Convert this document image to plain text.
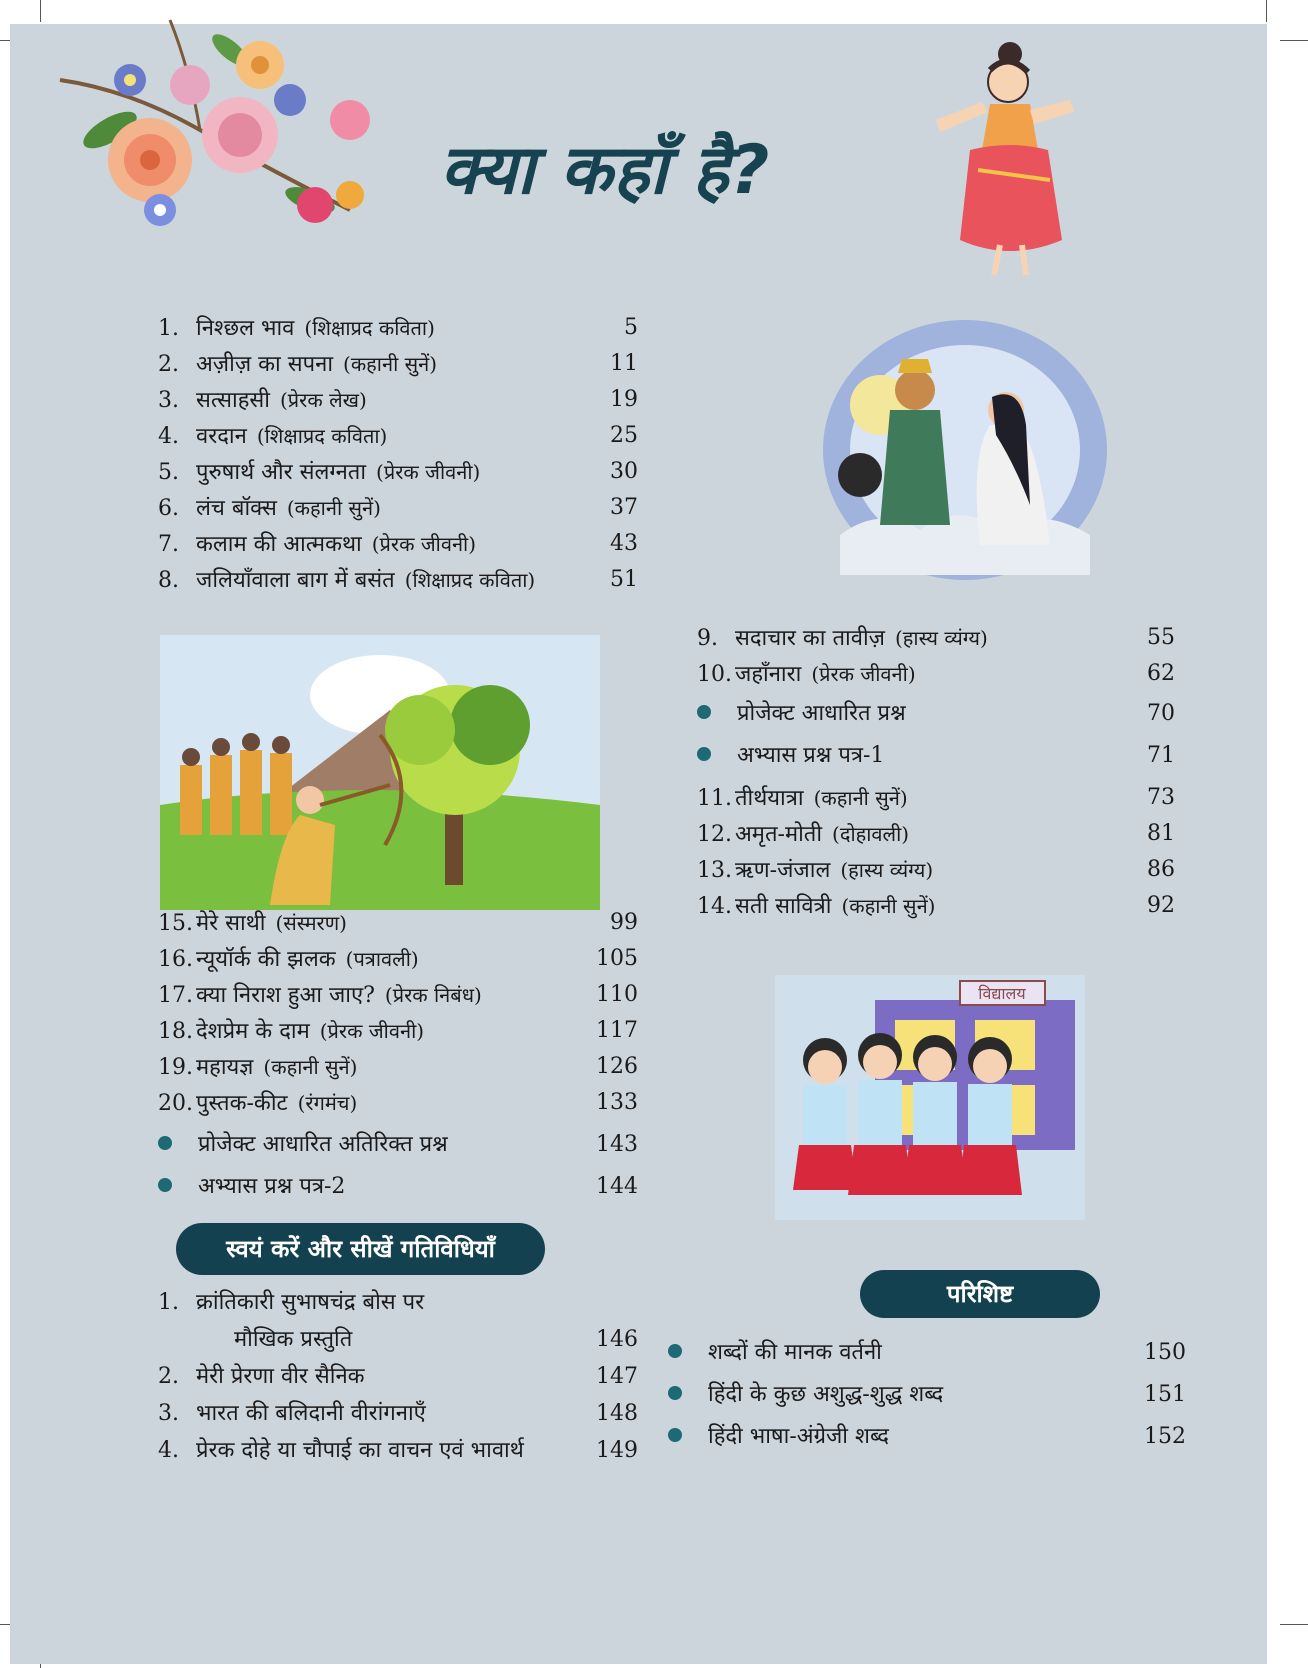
क्या कहाँ है?
1. निश्छल भाव (शिक्षाप्रद कविता)	5
2. अज़ीज़ का सपना (कहानी सुनें)	11
3. सत्साहसी (प्रेरक लेख)	19
4. वरदान (शिक्षाप्रद कविता)	25
5. पुरुषार्थ और संलग्नता (प्रेरक जीवनी)	30
6. लंच बॉक्स (कहानी सुनें)	37
7. कलाम की आत्मकथा (प्रेरक जीवनी)	43
8. जलियाँवाला बाग में बसंत (शिक्षाप्रद कविता)	51
9. सदाचार का तावीज़ (हास्य व्यंग्य)	55
10. जहाँनारा (प्रेरक जीवनी)	62
प्रोजेक्ट आधारित प्रश्न	70
अभ्यास प्रश्न पत्र-1	71
11. तीर्थयात्रा (कहानी सुनें)	73
12. अमृत-मोती (दोहावली)	81
13. ऋण-जंजाल (हास्य व्यंग्य)	86
14. सती सावित्री (कहानी सुनें)	92
15. मेरे साथी (संस्मरण)	99
16. न्यूयॉर्क की झलक (पत्रावली)	105
17. क्या निराश हुआ जाए? (प्रेरक निबंध)	110
18. देशप्रेम के दाम (प्रेरक जीवनी)	117
19. महायज्ञ (कहानी सुनें)	126
20. पुस्तक-कीट (रंगमंच)	133
प्रोजेक्ट आधारित अतिरिक्त प्रश्न	143
अभ्यास प्रश्न पत्र-2	144
स्वयं करें और सीखें गतिविधियाँ
1. क्रांतिकारी सुभाषचंद्र बोस पर
मौखिक प्रस्तुति	146
2. मेरी प्रेरणा वीर सैनिक	147
3. भारत की बलिदानी वीरांगनाएँ	148
4. प्रेरक दोहे या चौपाई का वाचन एवं भावार्थ	149
विद्यालय
परिशिष्ट
शब्दों की मानक वर्तनी	150
हिंदी के कुछ अशुद्ध-शुद्ध शब्द	151
हिंदी भाषा-अंग्रेजी शब्द	152
